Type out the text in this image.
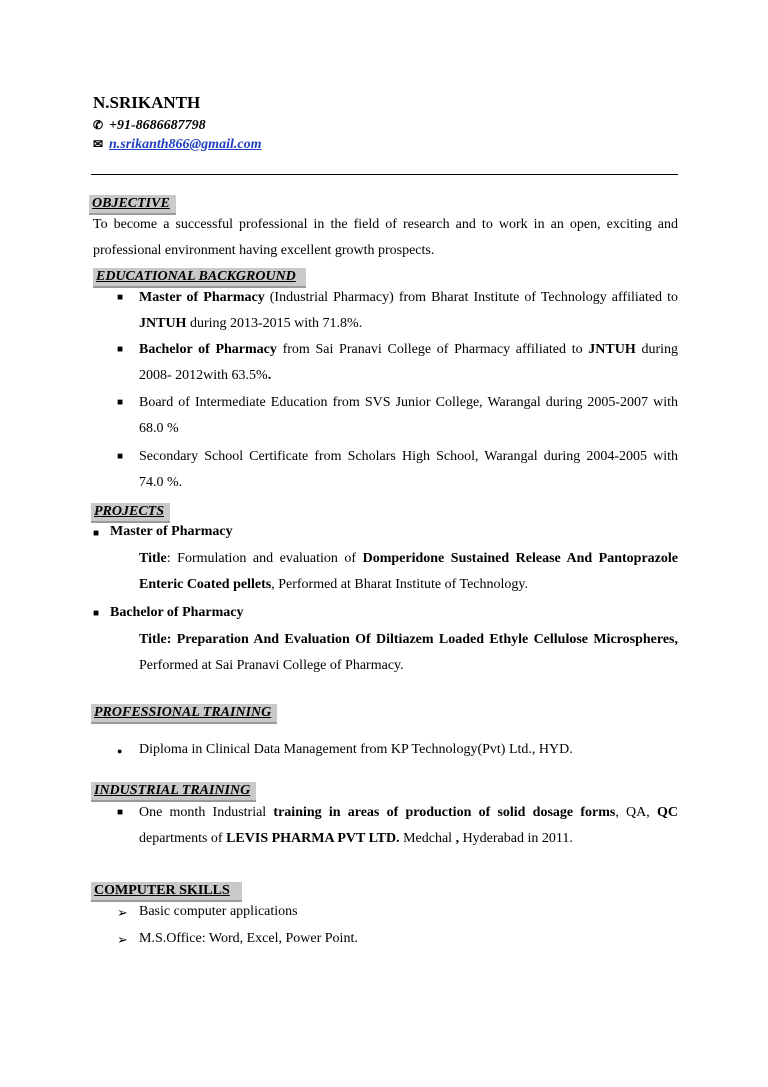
N.SRIKANTH
✆ +91-8686687798
✉ n.srikanth866@gmail.com
OBJECTIVE
To become a successful professional in the field of research and to work in an open, exciting and professional environment having excellent growth prospects.
EDUCATIONAL BACKGROUND
■ Master of Pharmacy (Industrial Pharmacy) from Bharat Institute of Technology affiliated to JNTUH during 2013-2015 with 71.8%.
■ Bachelor of Pharmacy from Sai Pranavi College of Pharmacy affiliated to JNTUH during 2008- 2012with 63.5%.
■ Board of Intermediate Education from SVS Junior College, Warangal during 2005-2007 with 68.0 %
■ Secondary School Certificate from Scholars High School, Warangal during 2004-2005 with 74.0 %.
PROJECTS
■ Master of Pharmacy
Title: Formulation and evaluation of Domperidone Sustained Release And Pantoprazole Enteric Coated pellets, Performed at Bharat Institute of Technology.
■ Bachelor of Pharmacy
Title: Preparation And Evaluation Of Diltiazem Loaded Ethyle Cellulose Microspheres, Performed at Sai Pranavi College of Pharmacy.
PROFESSIONAL TRAINING
● Diploma in Clinical Data Management from KP Technology(Pvt) Ltd., HYD.
INDUSTRIAL TRAINING
■ One month Industrial training in areas of production of solid dosage forms, QA, QC departments of LEVIS PHARMA PVT LTD. Medchal , Hyderabad in 2011.
COMPUTER SKILLS
➢ Basic computer applications
➢ M.S.Office: Word, Excel, Power Point.
